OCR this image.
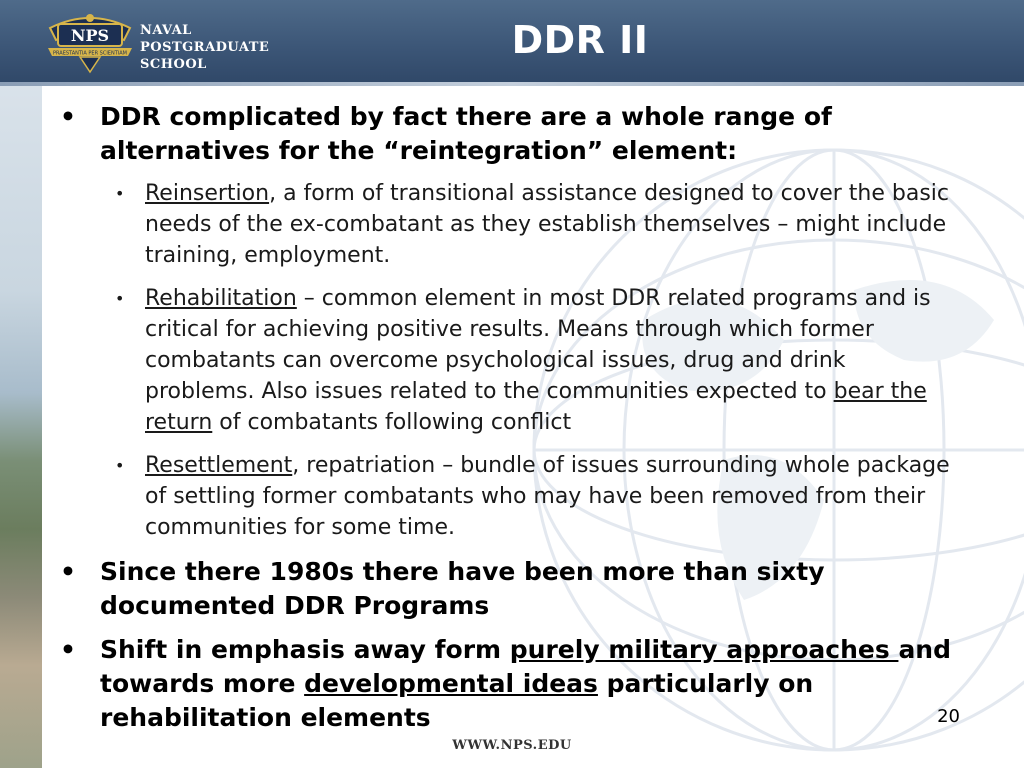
NPS
PRAESTANTIA PER SCIENTIAM
NAVAL
POSTGRADUATE
SCHOOL
DDR II
• DDR complicated by fact there are a whole range of alternatives for the “reintegration” element:
• Reinsertion, a form of transitional assistance designed to cover the basic needs of the ex-combatant as they establish themselves – might include training, employment.
• Rehabilitation – common element in most DDR related programs and is critical for achieving positive results. Means through which former combatants can overcome psychological issues, drug and drink problems. Also issues related to the communities expected to bear the return of combatants following conflict
• Resettlement, repatriation – bundle of issues surrounding whole package of settling former combatants who may have been removed from their communities for some time.
• Since there 1980s there have been more than sixty documented DDR Programs
• Shift in emphasis away form purely military approaches and towards more developmental ideas particularly on rehabilitation elements	20
WWW.NPS.EDU
